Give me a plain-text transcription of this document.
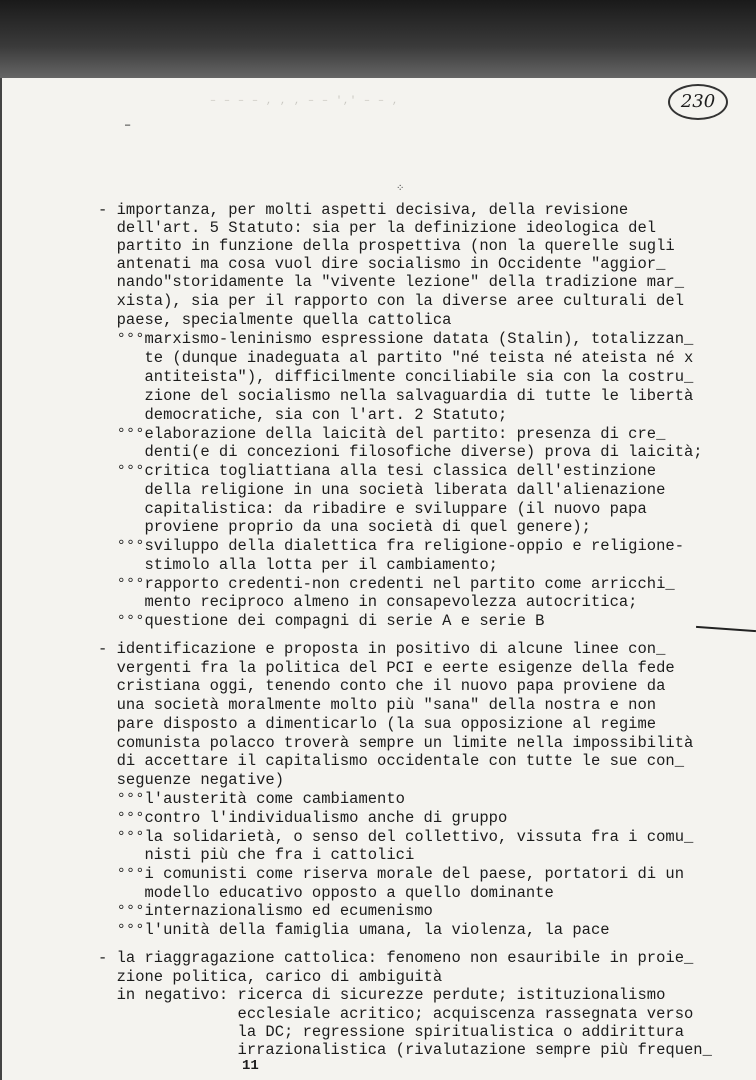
– – – – , , , – – ',' – – ,
–
230
⁘
- importanza, per molti aspetti decisiva, della revisione
dell'art. 5 Statuto: sia per la definizione ideologica del
partito in funzione della prospettiva (non la querelle sugli
antenati ma cosa vuol dire socialismo in Occidente "aggior_
nando"storidamente la "vivente lezione" della tradizione mar_
xista), sia per il rapporto con la diverse aree culturali del
paese, specialmente quella cattolica
°°°marxismo-leninismo espressione datata (Stalin), totalizzan_
te (dunque inadeguata al partito "né teista né ateista né x
antiteista"), difficilmente conciliabile sia con la costru_
zione del socialismo nella salvaguardia di tutte le libertà
democratiche, sia con l'art. 2 Statuto;
°°°elaborazione della laicità del partito: presenza di cre_
denti(e di concezioni filosofiche diverse) prova di laicità;
°°°critica togliattiana alla tesi classica dell'estinzione
della religione in una società liberata dall'alienazione
capitalistica: da ribadire e sviluppare (il nuovo papa
proviene proprio da una società di quel genere);
°°°sviluppo della dialettica fra religione-oppio e religione-
stimolo alla lotta per il cambiamento;
°°°rapporto credenti-non credenti nel partito come arricchi_
mento reciproco almeno in consapevolezza autocritica;
°°°questione dei compagni di serie A e serie B
- identificazione e proposta in positivo di alcune linee con_
vergenti fra la politica del PCI e eerte esigenze della fede
cristiana oggi, tenendo conto che il nuovo papa proviene da
una società moralmente molto più "sana" della nostra e non
pare disposto a dimenticarlo (la sua opposizione al regime
comunista polacco troverà sempre un limite nella impossibilità
di accettare il capitalismo occidentale con tutte le sue con_
seguenze negative)
°°°l'austerità come cambiamento
°°°contro l'individualismo anche di gruppo
°°°la solidarietà, o senso del collettivo, vissuta fra i comu_
nisti più che fra i cattolici
°°°i comunisti come riserva morale del paese, portatori di un
modello educativo opposto a quello dominante
°°°internazionalismo ed ecumenismo
°°°l'unità della famiglia umana, la violenza, la pace
- la riaggragazione cattolica: fenomeno non esauribile in proie_
zione politica, carico di ambiguità
in negativo: ricerca di sicurezze perdute; istituzionalismo
ecclesiale acritico; acquiscenza rassegnata verso
la DC; regressione spiritualistica o addirittura
irrazionalistica (rivalutazione sempre più frequen_
11
